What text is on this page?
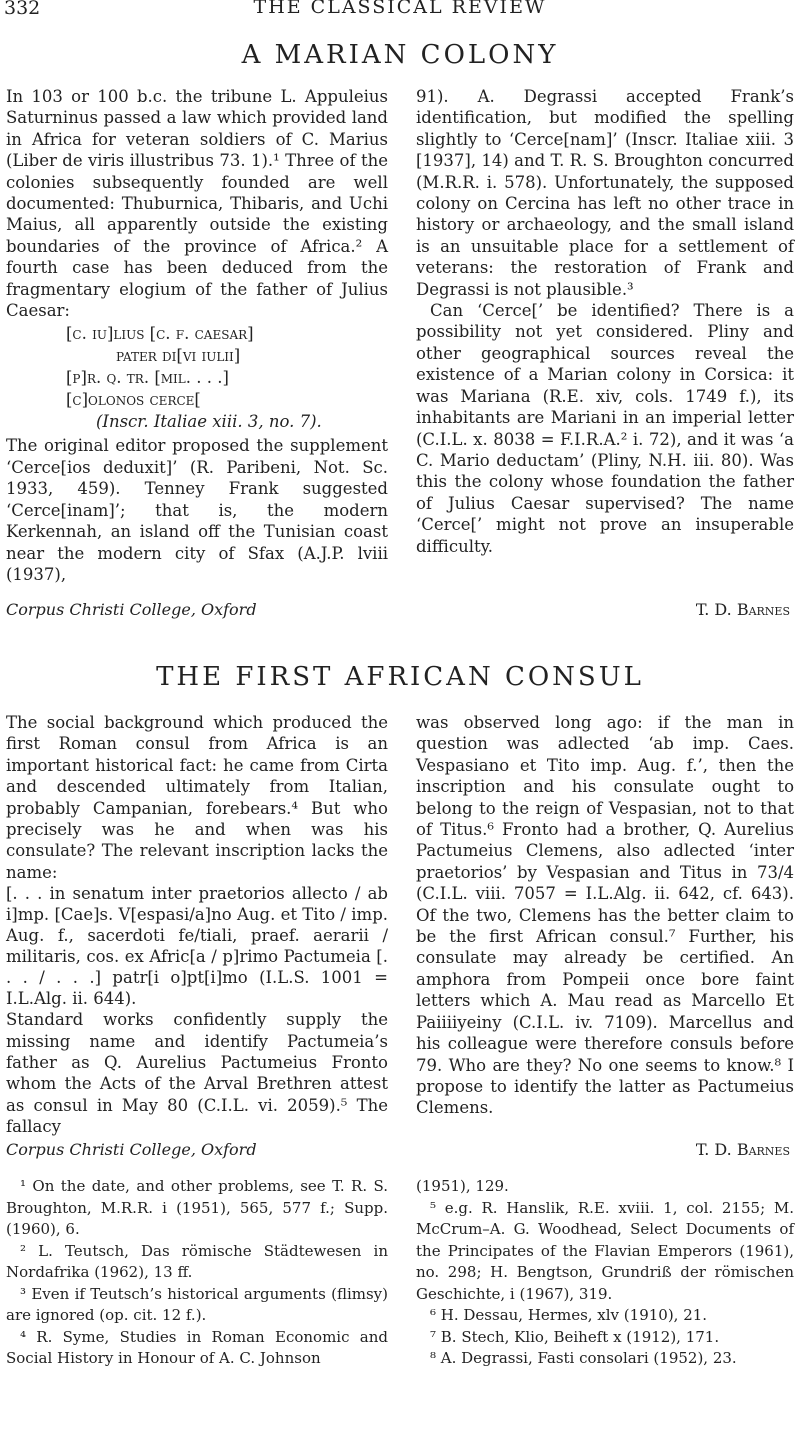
332	THE CLASSICAL REVIEW
A MARIAN COLONY

In 103 or 100 b.c. the tribune L. Appuleius Saturninus passed a law which provided land in Africa for veteran soldiers of C. Marius (Liber de viris illustribus 73. 1).¹ Three of the colonies subsequently founded are well documented: Thuburnica, Thibaris, and Uchi Maius, all apparently outside the existing boundaries of the province of Africa.² A fourth case has been deduced from the fragmentary elogium of the father of Julius Caesar:

[c. iu]lius [c. f. caesar]
pater di[vi iulii]
[p]r. q. tr. [mil. . . .]
[c]olonos cerce[
(Inscr. Italiae xiii. 3, no. 7).

The original editor proposed the supplement ‘Cerce[ios deduxit]’ (R. Paribeni, Not. Sc. 1933, 459). Tenney Frank suggested ‘Cerce[inam]’; that is, the modern Kerkennah, an island off the Tunisian coast near the modern city of Sfax (A.J.P. lviii (1937),

91). A. Degrassi accepted Frank’s identification, but modified the spelling slightly to ‘Cerce[nam]’ (Inscr. Italiae xiii. 3 [1937], 14) and T. R. S. Broughton concurred (M.R.R. i. 578). Unfortunately, the supposed colony on Cercina has left no other trace in history or archaeology, and the small island is an unsuitable place for a settlement of veterans: the restoration of Frank and Degrassi is not plausible.³

Can ‘Cerce[’ be identified? There is a possibility not yet considered. Pliny and other geographical sources reveal the existence of a Marian colony in Corsica: it was Mariana (R.E. xiv, cols. 1749 f.), its inhabitants are Mariani in an imperial letter (C.I.L. x. 8038 = F.I.R.A.² i. 72), and it was ‘a C. Mario deductam’ (Pliny, N.H. iii. 80). Was this the colony whose foundation the father of Julius Caesar supervised? The name ‘Cerce[’ might not prove an insuperable difficulty.

Corpus Christi College, Oxford	T. D. Barnes
THE FIRST AFRICAN CONSUL

The social background which produced the first Roman consul from Africa is an important historical fact: he came from Cirta and descended ultimately from Italian, probably Campanian, forebears.⁴ But who precisely was he and when was his consulate? The relevant inscription lacks the name:

[. . . in senatum inter praetorios allecto / ab i]mp. [Cae]s. V[espasi/a]no Aug. et Tito / imp. Aug. f., sacerdoti fe/tiali, praef. aerarii / militaris, cos. ex Afric[a / p]rimo Pactumeia [. . . / . . .] patr[i o]pt[i]mo (I.L.S. 1001 = I.L.Alg. ii. 644).

Standard works confidently supply the missing name and identify Pactumeia’s father as Q. Aurelius Pactumeius Fronto whom the Acts of the Arval Brethren attest as consul in May 80 (C.I.L. vi. 2059).⁵ The fallacy

was observed long ago: if the man in question was adlected ‘ab imp. Caes. Vespasiano et Tito imp. Aug. f.’, then the inscription and his consulate ought to belong to the reign of Vespasian, not to that of Titus.⁶ Fronto had a brother, Q. Aurelius Pactumeius Clemens, also adlected ‘inter praetorios’ by Vespasian and Titus in 73/4 (C.I.L. viii. 7057 = I.L.Alg. ii. 642, cf. 643). Of the two, Clemens has the better claim to be the first African consul.⁷ Further, his consulate may already be certified. An amphora from Pompeii once bore faint letters which A. Mau read as Marcello Et Paiiiiyeiny (C.I.L. iv. 7109). Marcellus and his colleague were therefore consuls before 79. Who are they? No one seems to know.⁸ I propose to identify the latter as Pactumeius Clemens.

Corpus Christi College, Oxford	T. D. Barnes

¹ On the date, and other problems, see T. R. S. Broughton, M.R.R. i (1951), 565, 577 f.; Supp. (1960), 6.

² L. Teutsch, Das römische Städtewesen in Nordafrika (1962), 13 ff.

³ Even if Teutsch’s historical arguments (flimsy) are ignored (op. cit. 12 f.).

⁴ R. Syme, Studies in Roman Economic and Social History in Honour of A. C. Johnson

(1951), 129.

⁵ e.g. R. Hanslik, R.E. xviii. 1, col. 2155; M. McCrum–A. G. Woodhead, Select Documents of the Principates of the Flavian Emperors (1961), no. 298; H. Bengtson, Grundriß der römischen Geschichte, i (1967), 319.

⁶ H. Dessau, Hermes, xlv (1910), 21.

⁷ B. Stech, Klio, Beiheft x (1912), 171.

⁸ A. Degrassi, Fasti consolari (1952), 23.
